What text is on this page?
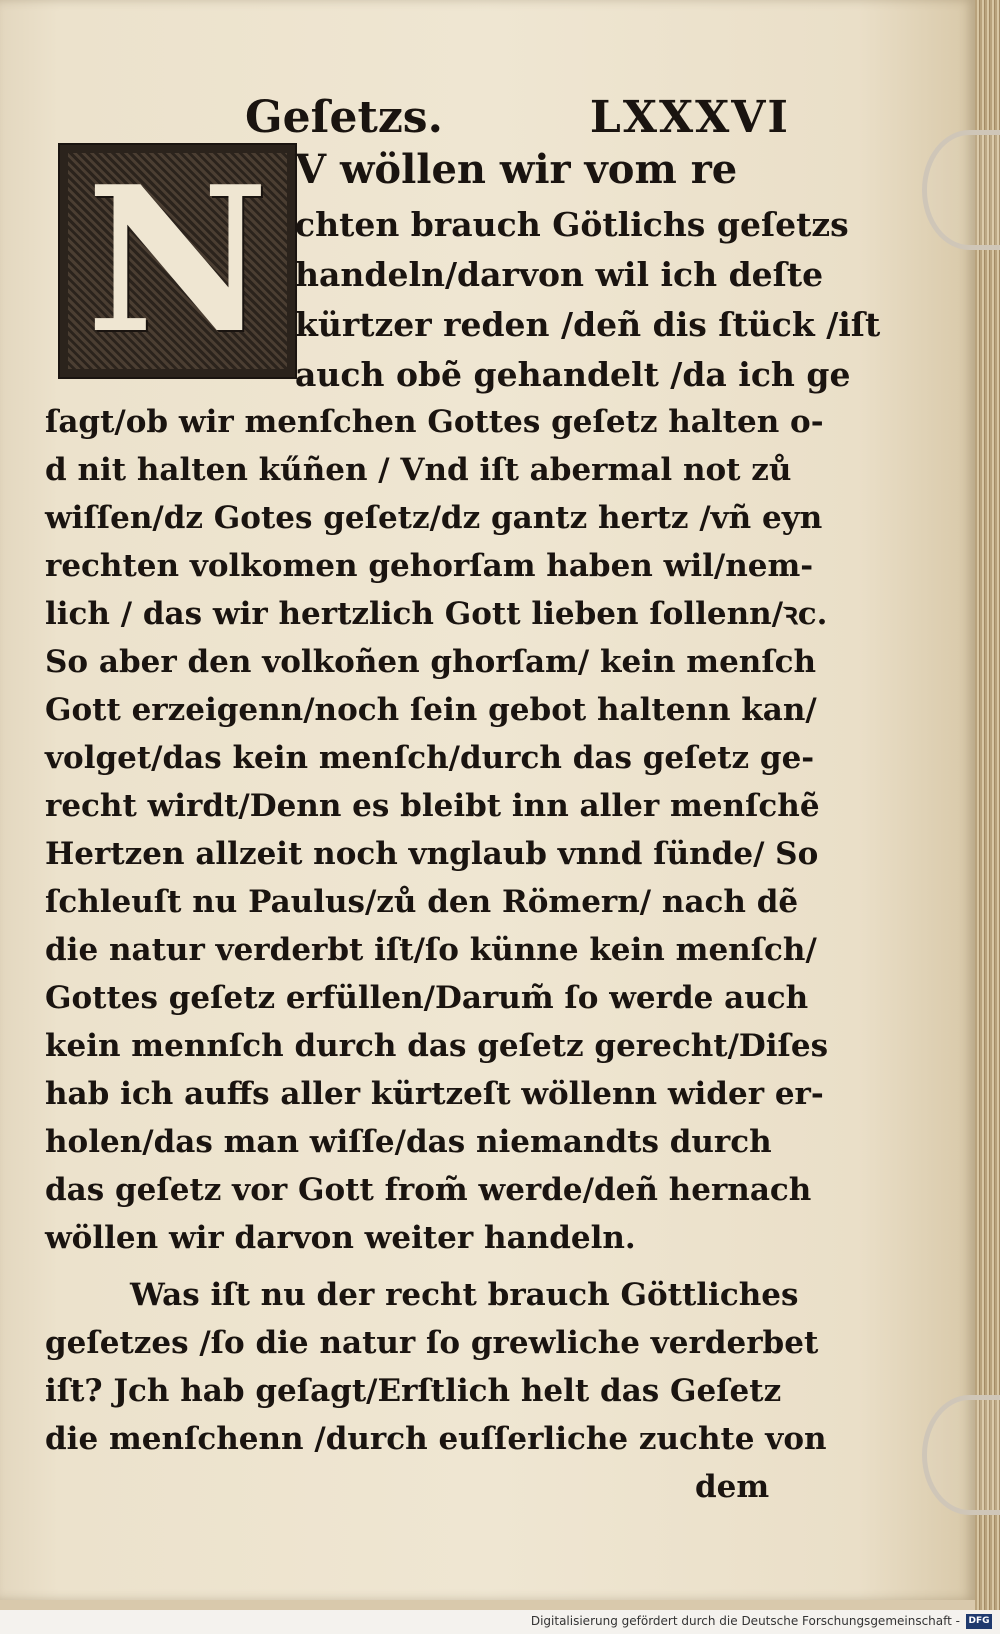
Geſetzs.	LXXXVI
N V wöllen wir vom re
chten brauch Götlichs geſetzs
handeln/darvon wil ich deſte
kürtzer reden /deñ dis ſtück /iſt
auch obẽ gehandelt /da ich ge
ſagt/ob wir menſchen Gottes geſetz halten o-
d nit halten kűñen / Vnd iſt abermal not zů
wiſſen/dz Gotes geſetz/dz gantz hertz /vñ eyn
rechten volkomen gehorſam haben wil/nem-
lich / das wir hertzlich Gott lieben ſollenn/ꝛc.
So aber den volkoñen ghorſam/ kein menſch
Gott erzeigenn/noch ſein gebot haltenn kan/
volget/das kein menſch/durch das geſetz ge-
recht wirdt/Denn es bleibt inn aller menſchẽ
Hertzen allzeit noch vnglaub vnnd ſünde/ So
ſchleuſt nu Paulus/zů den Römern/ nach dẽ
die natur verderbt iſt/ſo künne kein menſch/
Gottes geſetz erfüllen/Darum̃ ſo werde auch
kein mennſch durch das geſetz gerecht/Diſes
hab ich auffs aller kürtzeſt wöllenn wider er-
holen/das man wiſſe/das niemandts durch
das geſetz vor Gott from̃ werde/deñ hernach
wöllen wir darvon weiter handeln.
Was iſt nu der recht brauch Göttliches
geſetzes /ſo die natur ſo grewliche verderbet
iſt? Jch hab geſagt/Erſtlich helt das Geſetz
die menſchenn /durch euſſerliche zuchte von
dem
Digitalisierung gefördert durch die Deutsche Forschungsgemeinschaft - DFG
